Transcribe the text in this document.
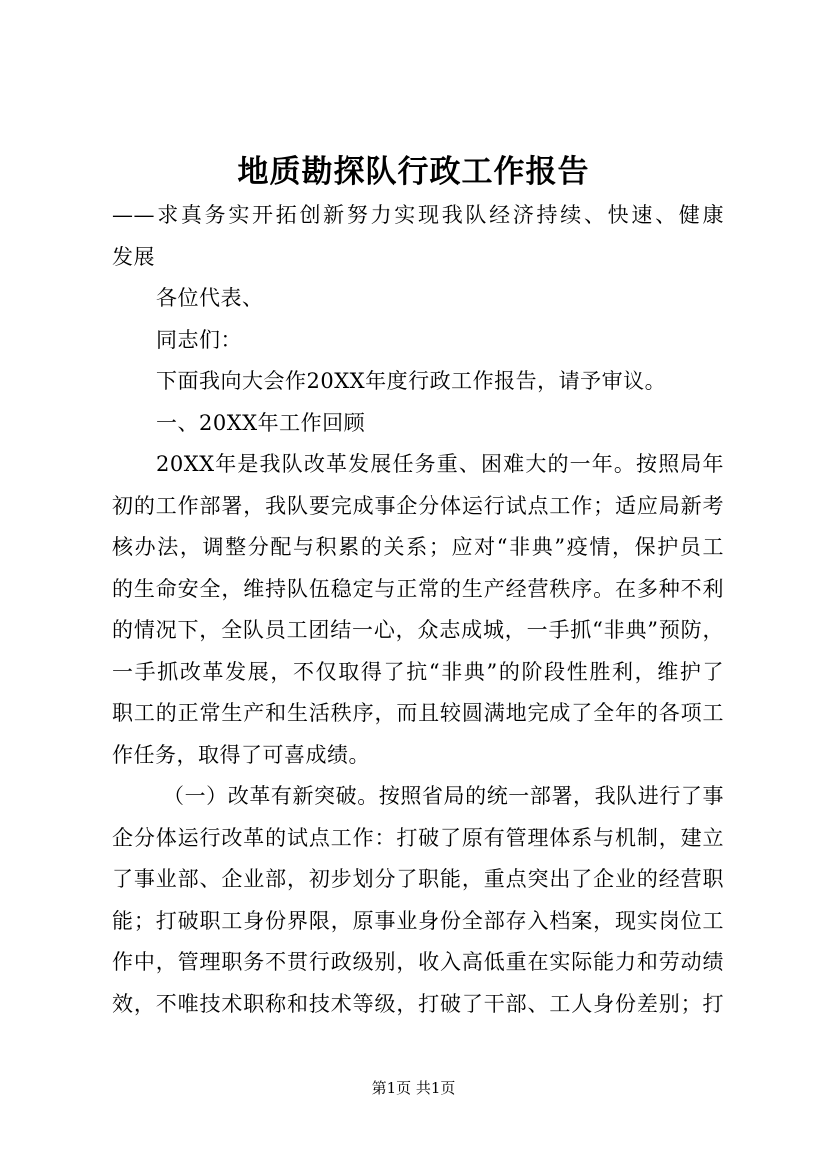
地质勘探队行政工作报告
——求真务实开拓创新努力实现我队经济持续、快速、健康
发展
各位代表、
同志们：
下面我向大会作20XX年度行政工作报告，请予审议。
一、20XX年工作回顾
20XX年是我队改革发展任务重、困难大的一年。按照局年
初的工作部署，我队要完成事企分体运行试点工作；适应局新考
核办法，调整分配与积累的关系；应对“非典”疫情，保护员工
的生命安全，维持队伍稳定与正常的生产经营秩序。在多种不利
的情况下，全队员工团结一心，众志成城，一手抓“非典”预防，
一手抓改革发展，不仅取得了抗“非典”的阶段性胜利，维护了
职工的正常生产和生活秩序，而且较圆满地完成了全年的各项工
作任务，取得了可喜成绩。
（一）改革有新突破。按照省局的统一部署，我队进行了事
企分体运行改革的试点工作：打破了原有管理体系与机制，建立
了事业部、企业部，初步划分了职能，重点突出了企业的经营职
能；打破职工身份界限，原事业身份全部存入档案，现实岗位工
作中，管理职务不贯行政级别，收入高低重在实际能力和劳动绩
效，不唯技术职称和技术等级，打破了干部、工人身份差别；打
第1页 共1页
